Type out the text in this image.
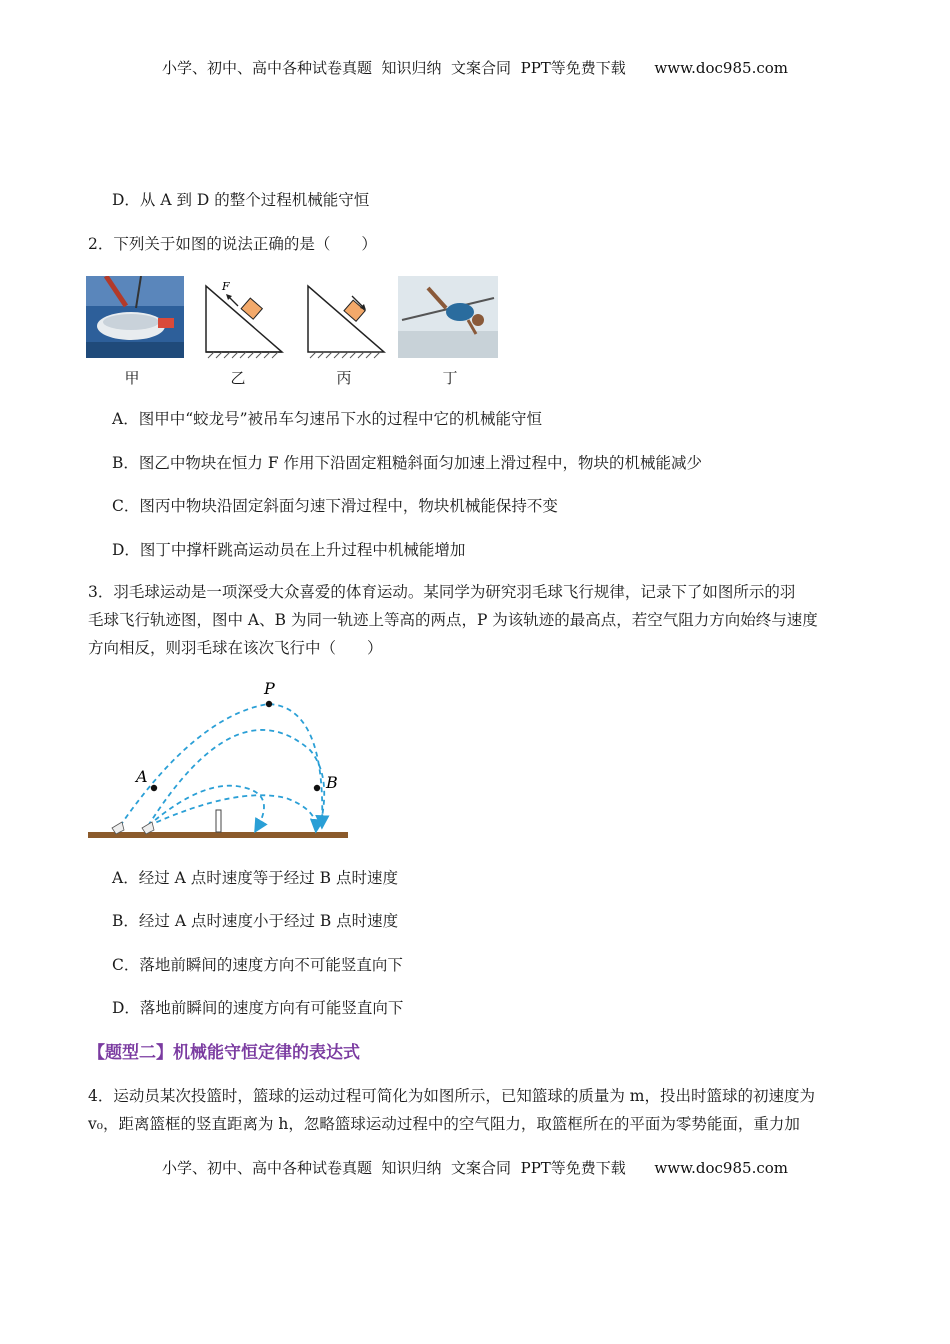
小学、初中、高中各种试卷真题  知识归纳  文案合同  PPT等免费下载      www.doc985.com
D．从 A 到 D 的整个过程机械能守恒
2．下列关于如图的说法正确的是（　　）
F
甲	乙	丙	丁
A．图甲中“蛟龙号”被吊车匀速吊下水的过程中它的机械能守恒
B．图乙中物块在恒力 F 作用下沿固定粗糙斜面匀加速上滑过程中，物块的机械能减少
C．图丙中物块沿固定斜面匀速下滑过程中，物块机械能保持不变
D．图丁中撑杆跳高运动员在上升过程中机械能增加

3．羽毛球运动是一项深受大众喜爱的体育运动。某同学为研究羽毛球飞行规律，记录下了如图所示的羽

毛球飞行轨迹图，图中 A、B 为同一轨迹上等高的两点，P 为该轨迹的最高点，若空气阻力方向始终与速度

方向相反，则羽毛球在该次飞行中（　　）

P
A	B
A．经过 A 点时速度等于经过 B 点时速度
B．经过 A 点时速度小于经过 B 点时速度
C．落地前瞬间的速度方向不可能竖直向下
D．落地前瞬间的速度方向有可能竖直向下
【题型二】机械能守恒定律的表达式

4．运动员某次投篮时，篮球的运动过程可简化为如图所示，已知篮球的质量为 m，投出时篮球的初速度为

v₀，距离篮框的竖直距离为 h，忽略篮球运动过程中的空气阻力，取篮框所在的平面为零势能面，重力加

小学、初中、高中各种试卷真题  知识归纳  文案合同  PPT等免费下载      www.doc985.com
